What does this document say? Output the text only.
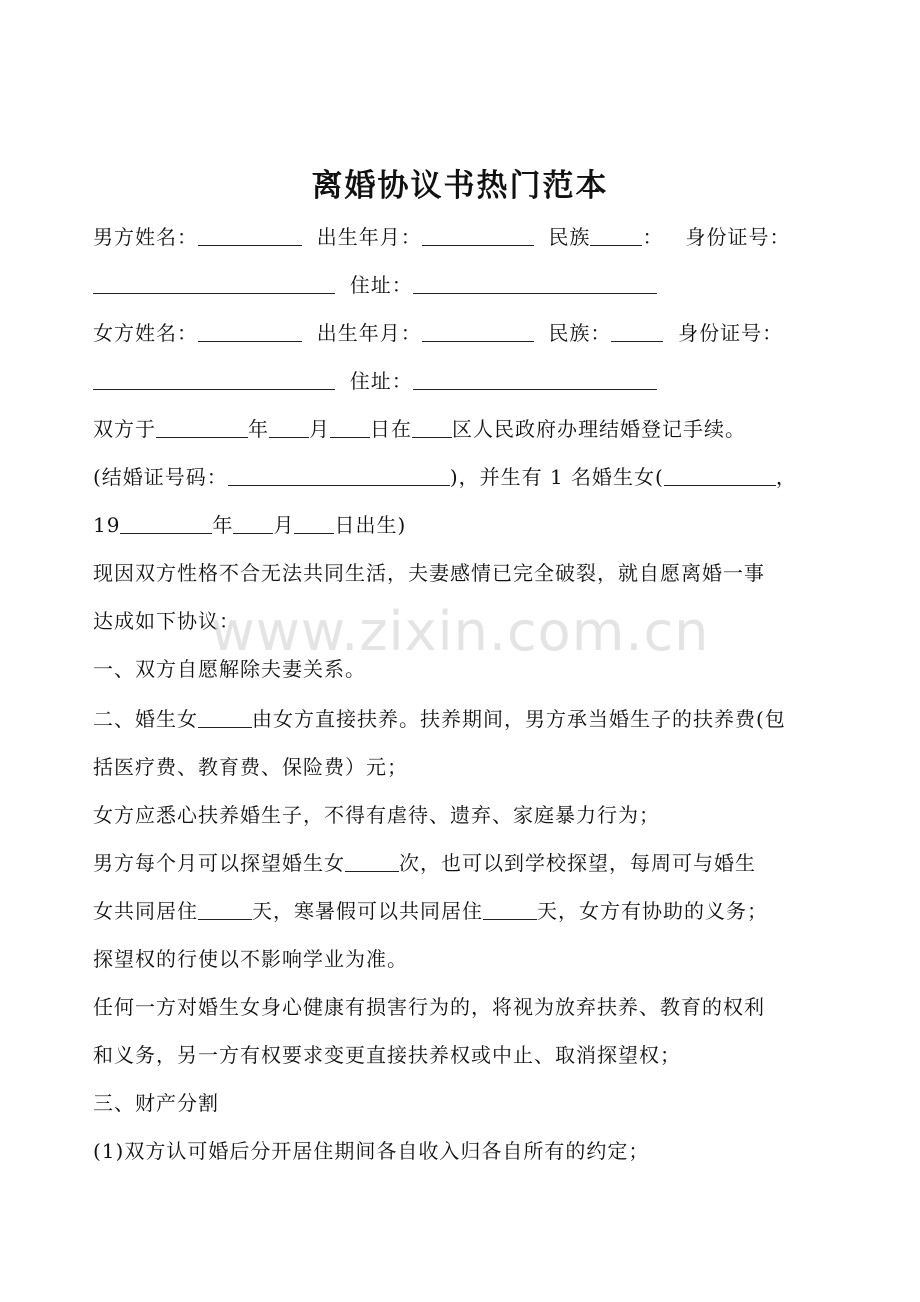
离婚协议书热门范本
男方姓名：	出生年月：	民族	： 身份证号：
住址：
女方姓名：	出生年月：	民族：	身份证号：
住址：
双方于	年 月 日在 区人民政府办理结婚登记手续。
(结婚证号码：	)，并生有 1 名婚生女(	，
19	年 月 日出生)
现因双方性格不合无法共同生活，夫妻感情已完全破裂，就自愿离婚一事
达成如下协议：
一、双方自愿解除夫妻关系。
二、婚生女	由女方直接扶养。扶养期间，男方承当婚生子的扶养费(包
括医疗费、教育费、保险费）元；
女方应悉心扶养婚生子，不得有虐待、遗弃、家庭暴力行为；
男方每个月可以探望婚生女	次，也可以到学校探望，每周可与婚生
女共同居住	天，寒暑假可以共同居住	天，女方有协助的义务；
探望权的行使以不影响学业为准。
任何一方对婚生女身心健康有损害行为的，将视为放弃扶养、教育的权利
和义务，另一方有权要求变更直接扶养权或中止、取消探望权；
三、财产分割
(1)双方认可婚后分开居住期间各自收入归各自所有的约定；
www.zixin.com.cn
